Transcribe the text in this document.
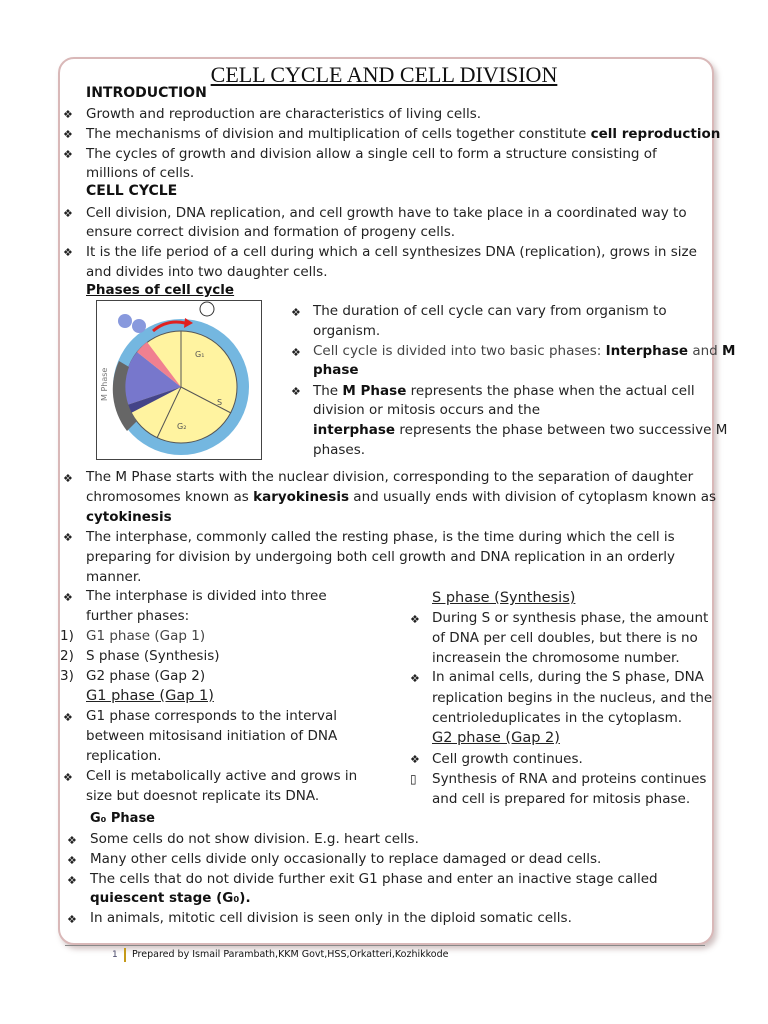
CELL CYCLE AND CELL DIVISION
INTRODUCTION
❖ Growth and reproduction are characteristics of living cells.
❖ The mechanisms of division and multiplication of cells together constitute cell reproduction
❖ The cycles of growth and division allow a single cell to form a structure consisting of
millions of cells.
CELL CYCLE
❖ Cell division, DNA replication, and cell growth have to take place in a coordinated way to
ensure correct division and formation of progeny cells.
❖ It is the life period of a cell during which a cell synthesizes DNA (replication), grows in size
and divides into two daughter cells.
Phases of cell cycle
G₁
S
G₂
M Phase
❖ The duration of cell cycle can vary from organism to
organism.
❖ Cell cycle is divided into two basic phases: Interphase and M
phase
❖ The M Phase represents the phase when the actual cell
division or mitosis occurs and the
interphase represents the phase between two successive M
phases.
❖ The M Phase starts with the nuclear division, corresponding to the separation of daughter
chromosomes known as karyokinesis and usually ends with division of cytoplasm known as
cytokinesis
❖ The interphase, commonly called the resting phase, is the time during which the cell is
preparing for division by undergoing both cell growth and DNA replication in an orderly
manner.
❖ The interphase is divided into three
further phases:
1) G1 phase (Gap 1)
2) S phase (Synthesis)
3) G2 phase (Gap 2)
G1 phase (Gap 1)
❖ G1 phase corresponds to the interval
between mitosisand initiation of DNA
replication.
❖ Cell is metabolically active and grows in
size but doesnot replicate its DNA.
S phase (Synthesis)
❖ During S or synthesis phase, the amount
of DNA per cell doubles, but there is no
increasein the chromosome number.
❖ In animal cells, during the S phase, DNA
replication begins in the nucleus, and the
centrioleduplicates in the cytoplasm.
G2 phase (Gap 2)
❖ Cell growth continues.
▯ Synthesis of RNA and proteins continues
and cell is prepared for mitosis phase.
G₀ Phase
❖ Some cells do not show division. E.g. heart cells.
❖ Many other cells divide only occasionally to replace damaged or dead cells.
❖ The cells that do not divide further exit G1 phase and enter an inactive stage called
quiescent stage (G₀).
❖ In animals, mitotic cell division is seen only in the diploid somatic cells.
1 Prepared by Ismail Parambath,KKM Govt,HSS,Orkatteri,Kozhikkode
